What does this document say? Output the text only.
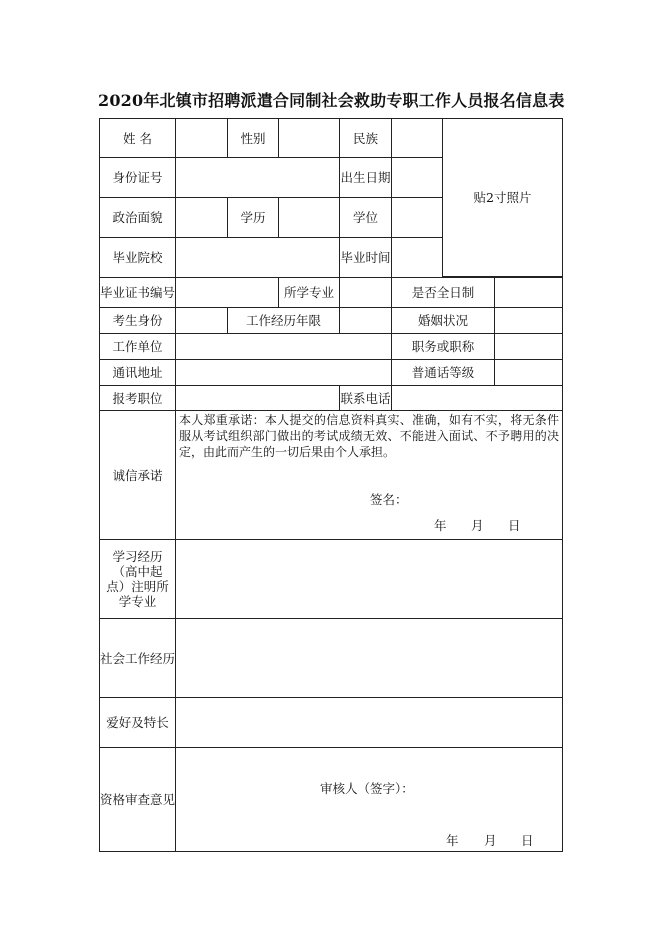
2020年北镇市招聘派遣合同制社会救助专职工作人员报名信息表
姓 名	性别	民族
贴2寸照片
身份证号	出生日期
政治面貌	学历	学位
毕业院校	毕业时间
毕业证书编号	所学专业	是否全日制
考生身份	工作经历年限	婚姻状况
工作单位	职务或职称
通讯地址	普通话等级
报考职位	联系电话
诚信承诺
本人郑重承诺：本人提交的信息资料真实、准确，如有不实，将无条件服从考试组织部门做出的考试成绩无效、不能进入面试、不予聘用的决定，由此而产生的一切后果由个人承担。
签名：
年 月 日
学习经历（高中起点）注明所学专业
社会工作经历
爱好及特长
资格审查意见
审核人（签字）：
年 月 日
